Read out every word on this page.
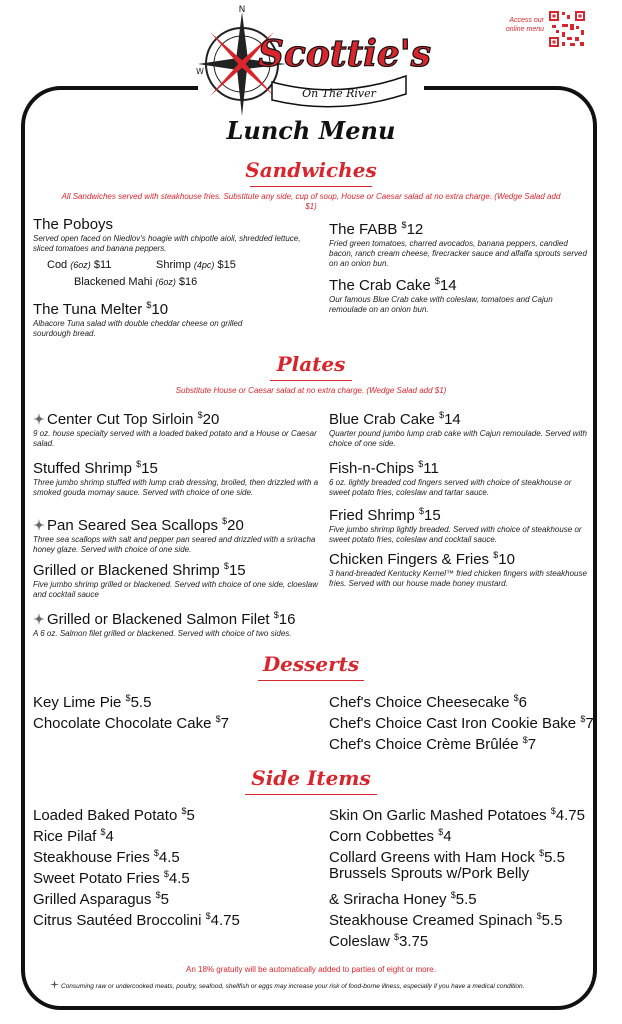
N
W Scottie's
On The River
Access our online menu
Lunch Menu
Sandwiches
All Sandwiches served with steakhouse fries. Substitute any side, cup of soup, House or Caesar salad at no extra charge. (Wedge Salad add $1)
The Poboys
Served open faced on Niedlov's hoagie with chipotle aioli, shredded lettuce, sliced tomatoes and banana peppers.
Cod (6oz) $11	Shrimp (4pc) $15
Blackened Mahi (6oz) $16
The Tuna Melter $10
Albacore Tuna salad with double cheddar cheese on grilled sourdough bread.
The FABB $12
Fried green tomatoes, charred avocados, banana peppers, candied bacon, ranch cream cheese, firecracker sauce and alfalfa sprouts served on an onion bun.
The Crab Cake $14
Our famous Blue Crab cake with coleslaw, tomatoes and Cajun remoulade on an onion bun.
Plates
Substitute House or Caesar salad at no extra charge. (Wedge Salad add $1)
Center Cut Top Sirloin $20
9 oz. house specialty served with a loaded baked potato and a House or Caesar salad.
Stuffed Shrimp $15
Three jumbo shrimp stuffed with lump crab dressing, broiled, then drizzled with a smoked gouda mornay sauce. Served with choice of one side.
Pan Seared Sea Scallops $20
Three sea scallops with salt and pepper pan seared and drizzled with a sriracha honey glaze. Served with choice of one side.
Grilled or Blackened Shrimp $15
Five jumbo shrimp grilled or blackened. Served with choice of one side, cloeslaw and cocktail sauce
Grilled or Blackened Salmon Filet $16
A 6 oz. Salmon filet grilled or blackened. Served with choice of two sides.
Blue Crab Cake $14
Quarter pound jumbo lump crab cake with Cajun remoulade. Served with choice of one side.
Fish-n-Chips $11
6 oz. lightly breaded cod fingers served with choice of steakhouse or sweet potato fries, coleslaw and tartar sauce.
Fried Shrimp $15
Five jumbo shrimp lightly breaded. Served with choice of steakhouse or sweet potato fries, coleslaw and cocktail sauce.
Chicken Fingers & Fries $10
3 hand-breaded Kentucky Kernel™ fried chicken fingers with steakhouse fries. Served with our house made honey mustard.
Desserts
Key Lime Pie $5.5
Chocolate Chocolate Cake $7
Chef's Choice Cheesecake $6
Chef's Choice Cast Iron Cookie Bake $7
Chef's Choice Crème Brûlée $7
Side Items
Loaded Baked Potato $5
Rice Pilaf $4
Steakhouse Fries $4.5
Sweet Potato Fries $4.5
Grilled Asparagus $5
Citrus Sautéed Broccolini $4.75
Skin On Garlic Mashed Potatoes $4.75
Corn Cobbettes $4
Collard Greens with Ham Hock $5.5
Brussels Sprouts w/Pork Belly
& Sriracha Honey $5.5
Steakhouse Creamed Spinach $5.5
Coleslaw $3.75
An 18% gratuity will be automatically added to parties of eight or more.
Consuming raw or undercooked meats, poultry, seafood, shellfish or eggs may increase your risk of food-borne illness, especially if you have a medical condition.
